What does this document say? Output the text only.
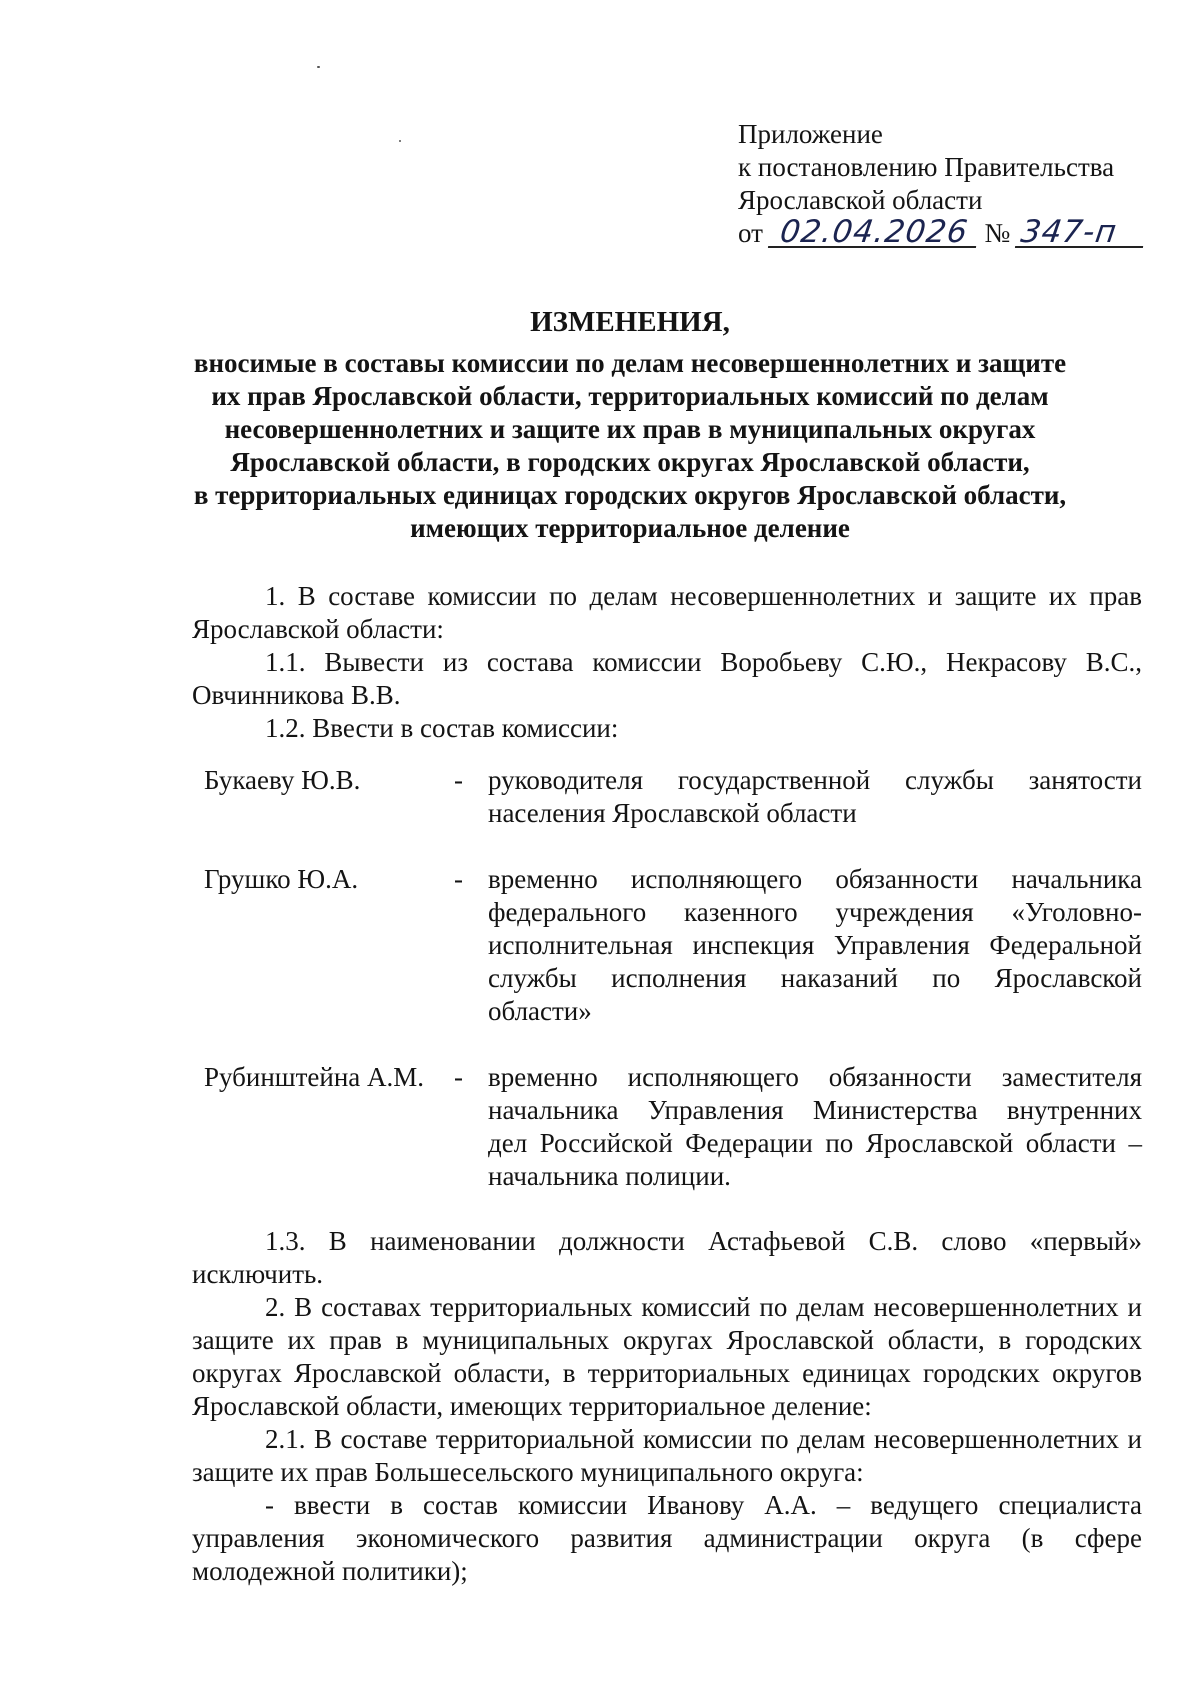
Приложение
к постановлению Правительства
Ярославской области
от 02.04.2026 № 347-п
ИЗМЕНЕНИЯ,
вносимые в составы комиссии по делам несовершеннолетних и защите
их прав Ярославской области, территориальных комиссий по делам
несовершеннолетних и защите их прав в муниципальных округах
Ярославской области, в городских округах Ярославской области,
в территориальных единицах городских округов Ярославской области,
имеющих территориальное деление

1. В составе комиссии по делам несовершеннолетних и защите их прав Ярославской области:

1.1. Вывести из состава комиссии Воробьеву С.Ю., Некрасову В.С., Овчинникова В.В.

1.2. Ввести в состав комиссии:

Букаеву Ю.В.	- руководителя государственной службы занятости
населения Ярославской области
Грушко Ю.А.	- временно исполняющего обязанности начальника
федерального казенного учреждения «Уголовно-
исполнительная инспекция Управления Федеральной
службы исполнения наказаний по Ярославской
области»
Рубинштейна А.М. - временно исполняющего обязанности заместителя
начальника Управления Министерства внутренних
дел Российской Федерации по Ярославской области –
начальника полиции.

1.3. В наименовании должности Астафьевой С.В. слово «первый» исключить.

2. В составах территориальных комиссий по делам несовершеннолетних и защите их прав в муниципальных округах Ярославской области, в городских округах Ярославской области, в территориальных единицах городских округов Ярославской области, имеющих территориальное деление:

2.1. В составе территориальной комиссии по делам несовершеннолетних и защите их прав Большесельского муниципального округа:

- ввести в состав комиссии Иванову А.А. – ведущего специалиста управления экономического развития администрации округа (в сфере молодежной политики);
